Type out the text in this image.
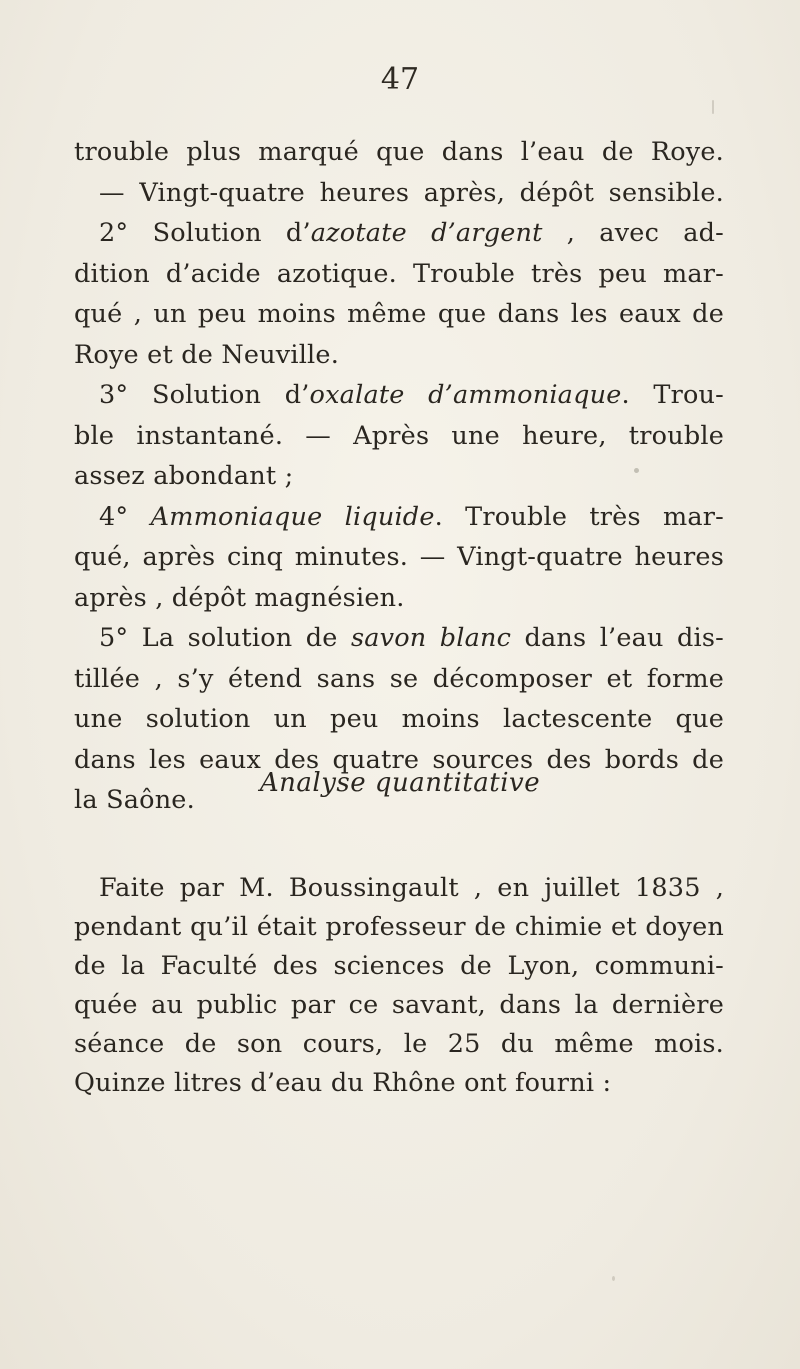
47
trouble plus marqué que dans l’eau de Roye.
— Vingt-quatre heures après, dépôt sensible.
2° Solution d’azotate d’argent , avec ad-
dition d’acide azotique. Trouble très peu mar-
qué , un peu moins même que dans les eaux de
Roye et de Neuville.
3° Solution d’oxalate d’ammoniaque. Trou-
ble instantané. — Après une heure, trouble
assez abondant ;
4° Ammoniaque liquide. Trouble très mar-
qué, après cinq minutes. — Vingt-quatre heures
après , dépôt magnésien.
5° La solution de savon blanc dans l’eau dis-
tillée , s’y étend sans se décomposer et forme
une solution un peu moins lactescente que
dans les eaux des quatre sources des bords de
la Saône.
Analyse quantitative
Faite par M. Boussingault , en juillet 1835 ,
pendant qu’il était professeur de chimie et doyen
de la Faculté des sciences de Lyon, communi-
quée au public par ce savant, dans la dernière
séance de son cours, le 25 du même mois.
Quinze litres d’eau du Rhône ont fourni :
